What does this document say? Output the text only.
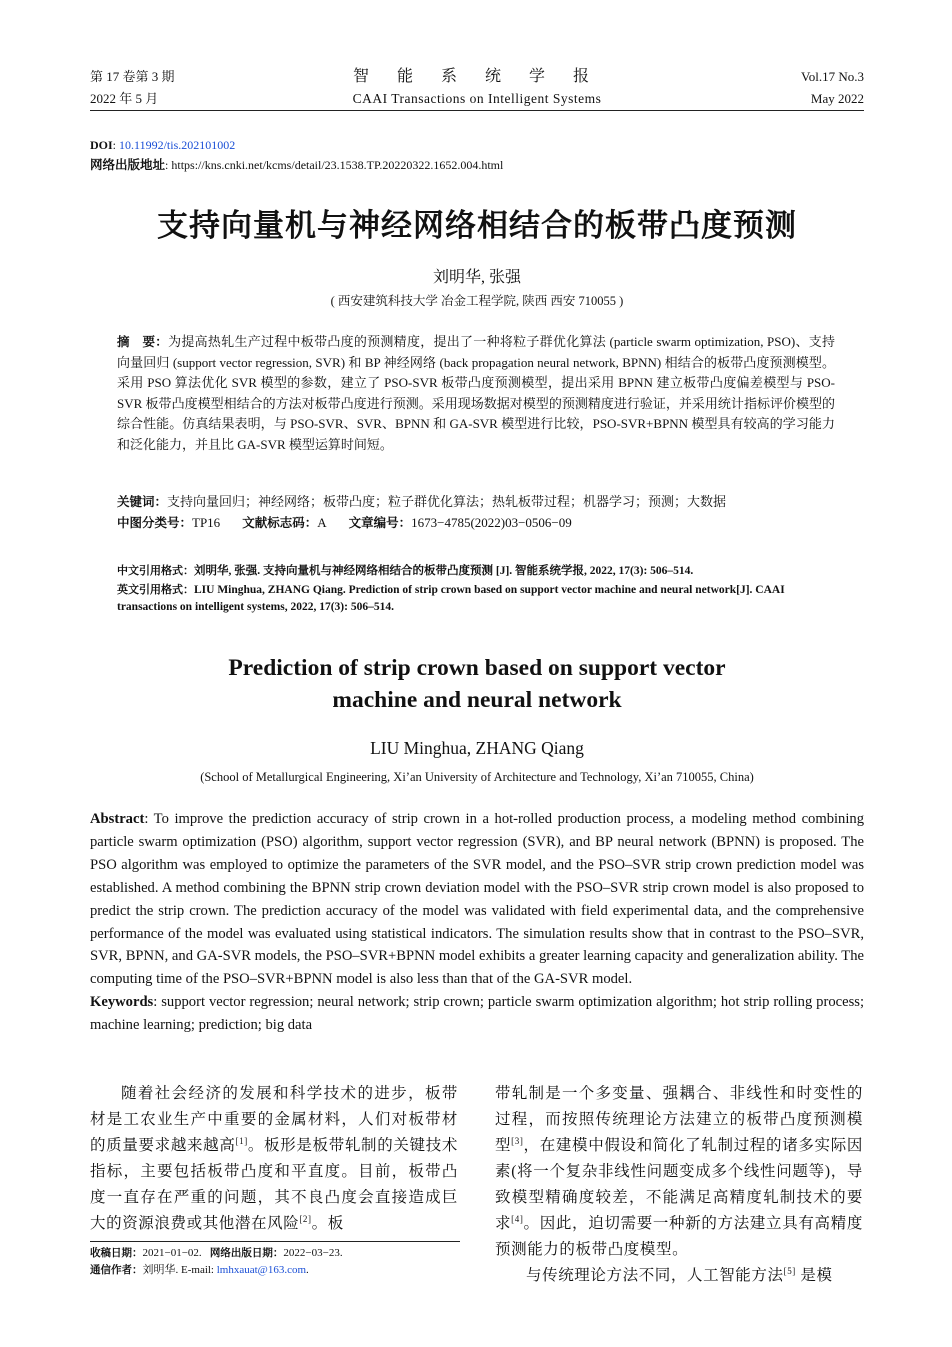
第 17 卷第 3 期
2022 年 5 月
智 能 系 统 学 报
CAAI Transactions on Intelligent Systems
Vol.17 No.3
May 2022
DOI: 10.11992/tis.202101002
网络出版地址: https://kns.cnki.net/kcms/detail/23.1538.TP.20220322.1652.004.html
支持向量机与神经网络相结合的板带凸度预测
刘明华, 张强
( 西安建筑科技大学 冶金工程学院, 陕西 西安 710055 )
摘　要：为提高热轧生产过程中板带凸度的预测精度，提出了一种将粒子群优化算法 (particle swarm optimization, PSO)、支持向量回归 (support vector regression, SVR) 和 BP 神经网络 (back propagation neural network, BPNN) 相结合的板带凸度预测模型。采用 PSO 算法优化 SVR 模型的参数，建立了 PSO-SVR 板带凸度预测模型，提出采用 BPNN 建立板带凸度偏差模型与 PSO-SVR 板带凸度模型相结合的方法对板带凸度进行预测。采用现场数据对模型的预测精度进行验证，并采用统计指标评价模型的综合性能。仿真结果表明，与 PSO-SVR、SVR、BPNN 和 GA-SVR 模型进行比较，PSO-SVR+BPNN 模型具有较高的学习能力和泛化能力，并且比 GA-SVR 模型运算时间短。
关键词：支持向量回归；神经网络；板带凸度；粒子群优化算法；热轧板带过程；机器学习；预测；大数据
中图分类号：TP16 文献标志码：A 文章编号：1673−4785(2022)03−0506−09
中文引用格式：刘明华, 张强. 支持向量机与神经网络相结合的板带凸度预测 [J]. 智能系统学报, 2022, 17(3): 506–514.
英文引用格式：LIU Minghua, ZHANG Qiang. Prediction of strip crown based on support vector machine and neural network[J]. CAAI transactions on intelligent systems, 2022, 17(3): 506–514.
Prediction of strip crown based on support vector
machine and neural network
LIU Minghua, ZHANG Qiang
(School of Metallurgical Engineering, Xi’an University of Architecture and Technology, Xi’an 710055, China)
Abstract: To improve the prediction accuracy of strip crown in a hot-rolled production process, a modeling method combining particle swarm optimization (PSO) algorithm, support vector regression (SVR), and BP neural network (BPNN) is proposed. The PSO algorithm was employed to optimize the parameters of the SVR model, and the PSO–SVR strip crown prediction model was established. A method combining the BPNN strip crown deviation model with the PSO–SVR strip crown model is also proposed to predict the strip crown. The prediction accuracy of the model was validated with field experimental data, and the comprehensive performance of the model was evaluated using statistical indicators. The simulation results show that in contrast to the PSO–SVR, SVR, BPNN, and GA-SVR models, the PSO–SVR+BPNN model exhibits a greater learning capacity and generalization ability. The computing time of the PSO–SVR+BPNN model is also less than that of the GA-SVR model.
Keywords: support vector regression; neural network; strip crown; particle swarm optimization algorithm; hot strip rolling process; machine learning; prediction; big data
随着社会经济的发展和科学技术的进步，板带材是工农业生产中重要的金属材料，人们对板带材的质量要求越来越高[1]。板形是板带轧制的关键技术指标，主要包括板带凸度和平直度。目前，板带凸度一直存在严重的问题，其不良凸度会直接造成巨大的资源浪费或其他潜在风险[2]。板
带轧制是一个多变量、强耦合、非线性和时变性的过程，而按照传统理论方法建立的板带凸度预测模型[3]，在建模中假设和简化了轧制过程的诸多实际因素(将一个复杂非线性问题变成多个线性问题等)，导致模型精确度较差，不能满足高精度轧制技术的要求[4]。因此，迫切需要一种新的方法建立具有高精度预测能力的板带凸度模型。
与传统理论方法不同，人工智能方法[5] 是模
收稿日期：2021−01−02. 网络出版日期：2022−03−23.
通信作者：刘明华. E-mail: lmhxauat@163.com.
